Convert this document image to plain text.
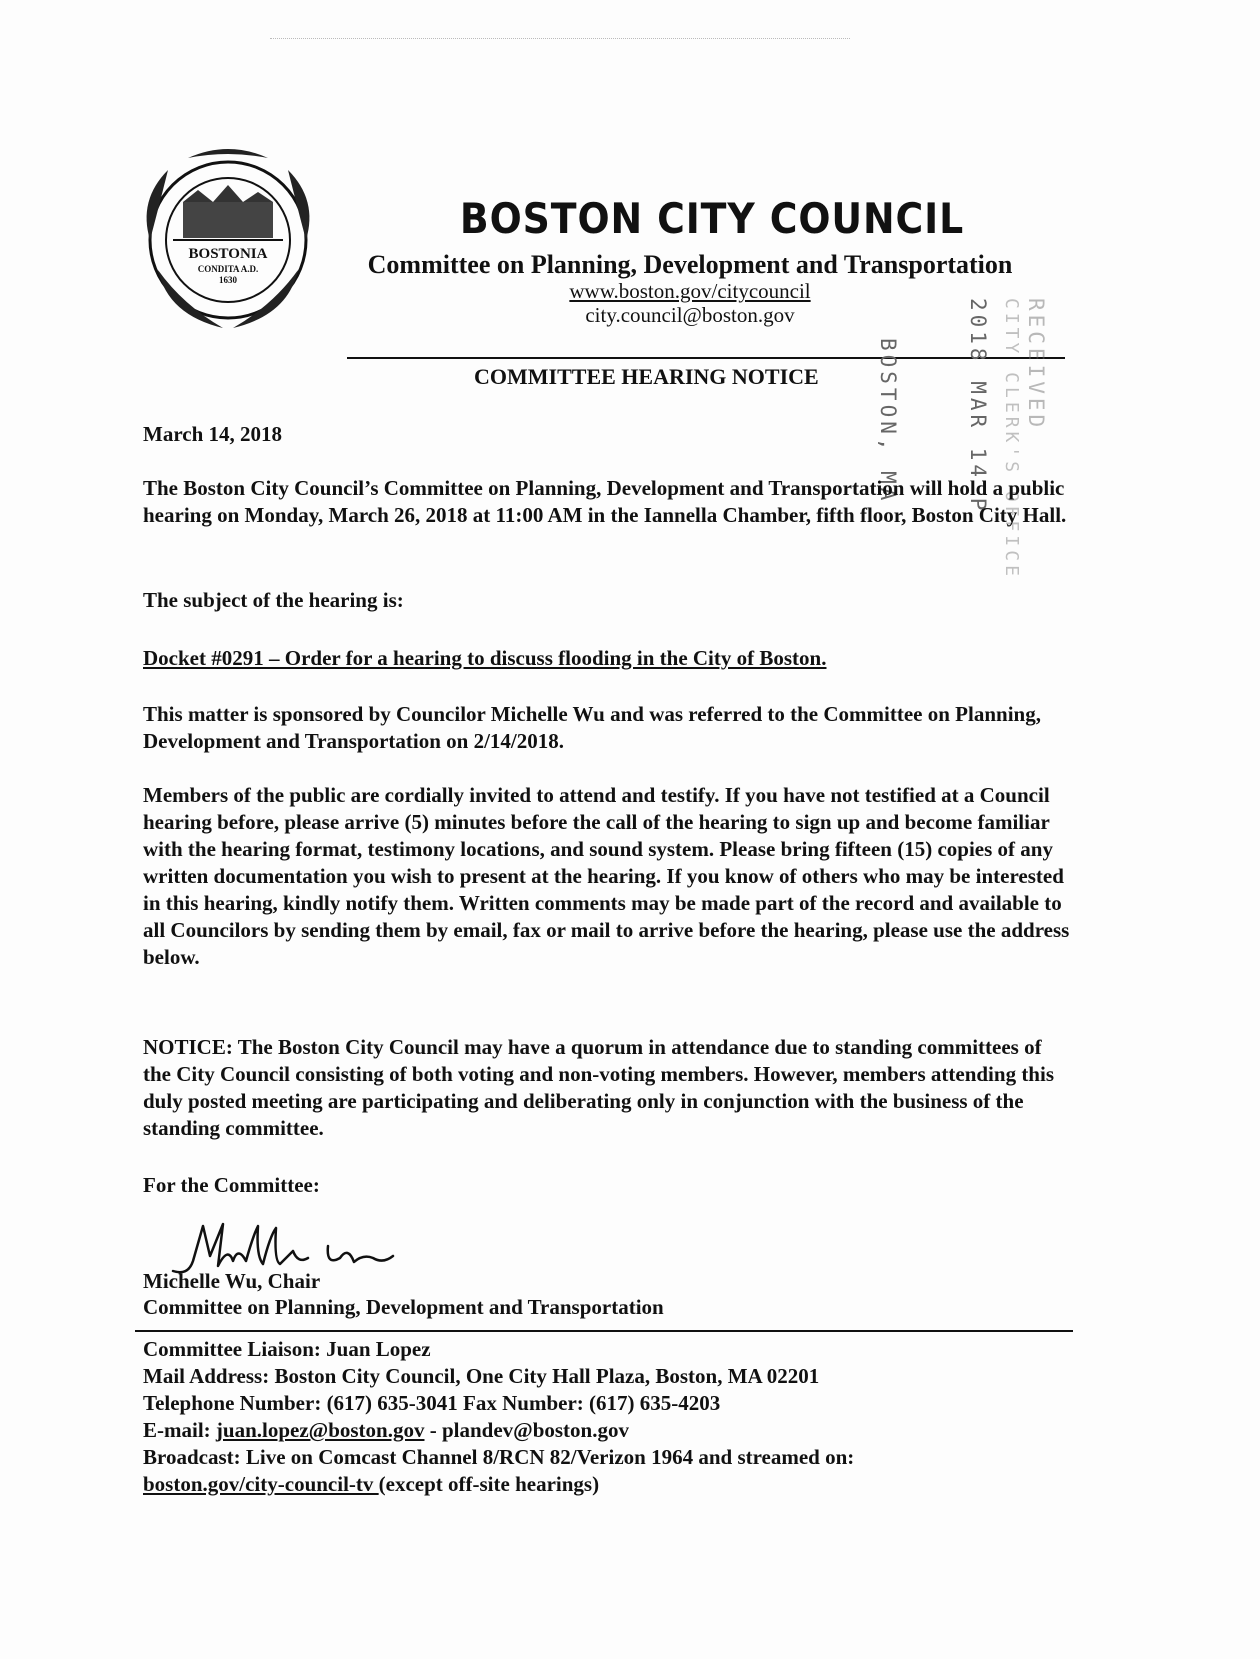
BOSTONIA
CONDITA A.D.
1630
BOSTON CITY COUNCIL
Committee on Planning, Development and Transportation
www.boston.gov/citycouncil
city.council@boston.gov
COMMITTEE HEARING NOTICE	2018 MAR 14 P
BOSTON, MA	RECEIVED
CITY CLERK'S OFFICE
March 14, 2018
The Boston City Council’s Committee on Planning, Development and Transportation will hold a public hearing on Monday, March 26, 2018 at 11:00 AM in the Iannella Chamber, fifth floor, Boston City Hall.
The subject of the hearing is:
Docket #0291 – Order for a hearing to discuss flooding in the City of Boston.
This matter is sponsored by Councilor Michelle Wu and was referred to the Committee on Planning, Development and Transportation on 2/14/2018.
Members of the public are cordially invited to attend and testify. If you have not testified at a Council hearing before, please arrive (5) minutes before the call of the hearing to sign up and become familiar with the hearing format, testimony locations, and sound system. Please bring fifteen (15) copies of any written documentation you wish to present at the hearing. If you know of others who may be interested in this hearing, kindly notify them. Written comments may be made part of the record and available to all Councilors by sending them by email, fax or mail to arrive before the hearing, please use the address below.
NOTICE: The Boston City Council may have a quorum in attendance due to standing committees of the City Council consisting of both voting and non-voting members. However, members attending this duly posted meeting are participating and deliberating only in conjunction with the business of the standing committee.
For the Committee:
Michelle Wu, Chair
Committee on Planning, Development and Transportation
Committee Liaison: Juan Lopez
Mail Address: Boston City Council, One City Hall Plaza, Boston, MA 02201
Telephone Number: (617) 635-3041 Fax Number: (617) 635-4203
E-mail: juan.lopez@boston.gov - plandev@boston.gov
Broadcast: Live on Comcast Channel 8/RCN 82/Verizon 1964 and streamed on:
boston.gov/city-council-tv (except off-site hearings)
